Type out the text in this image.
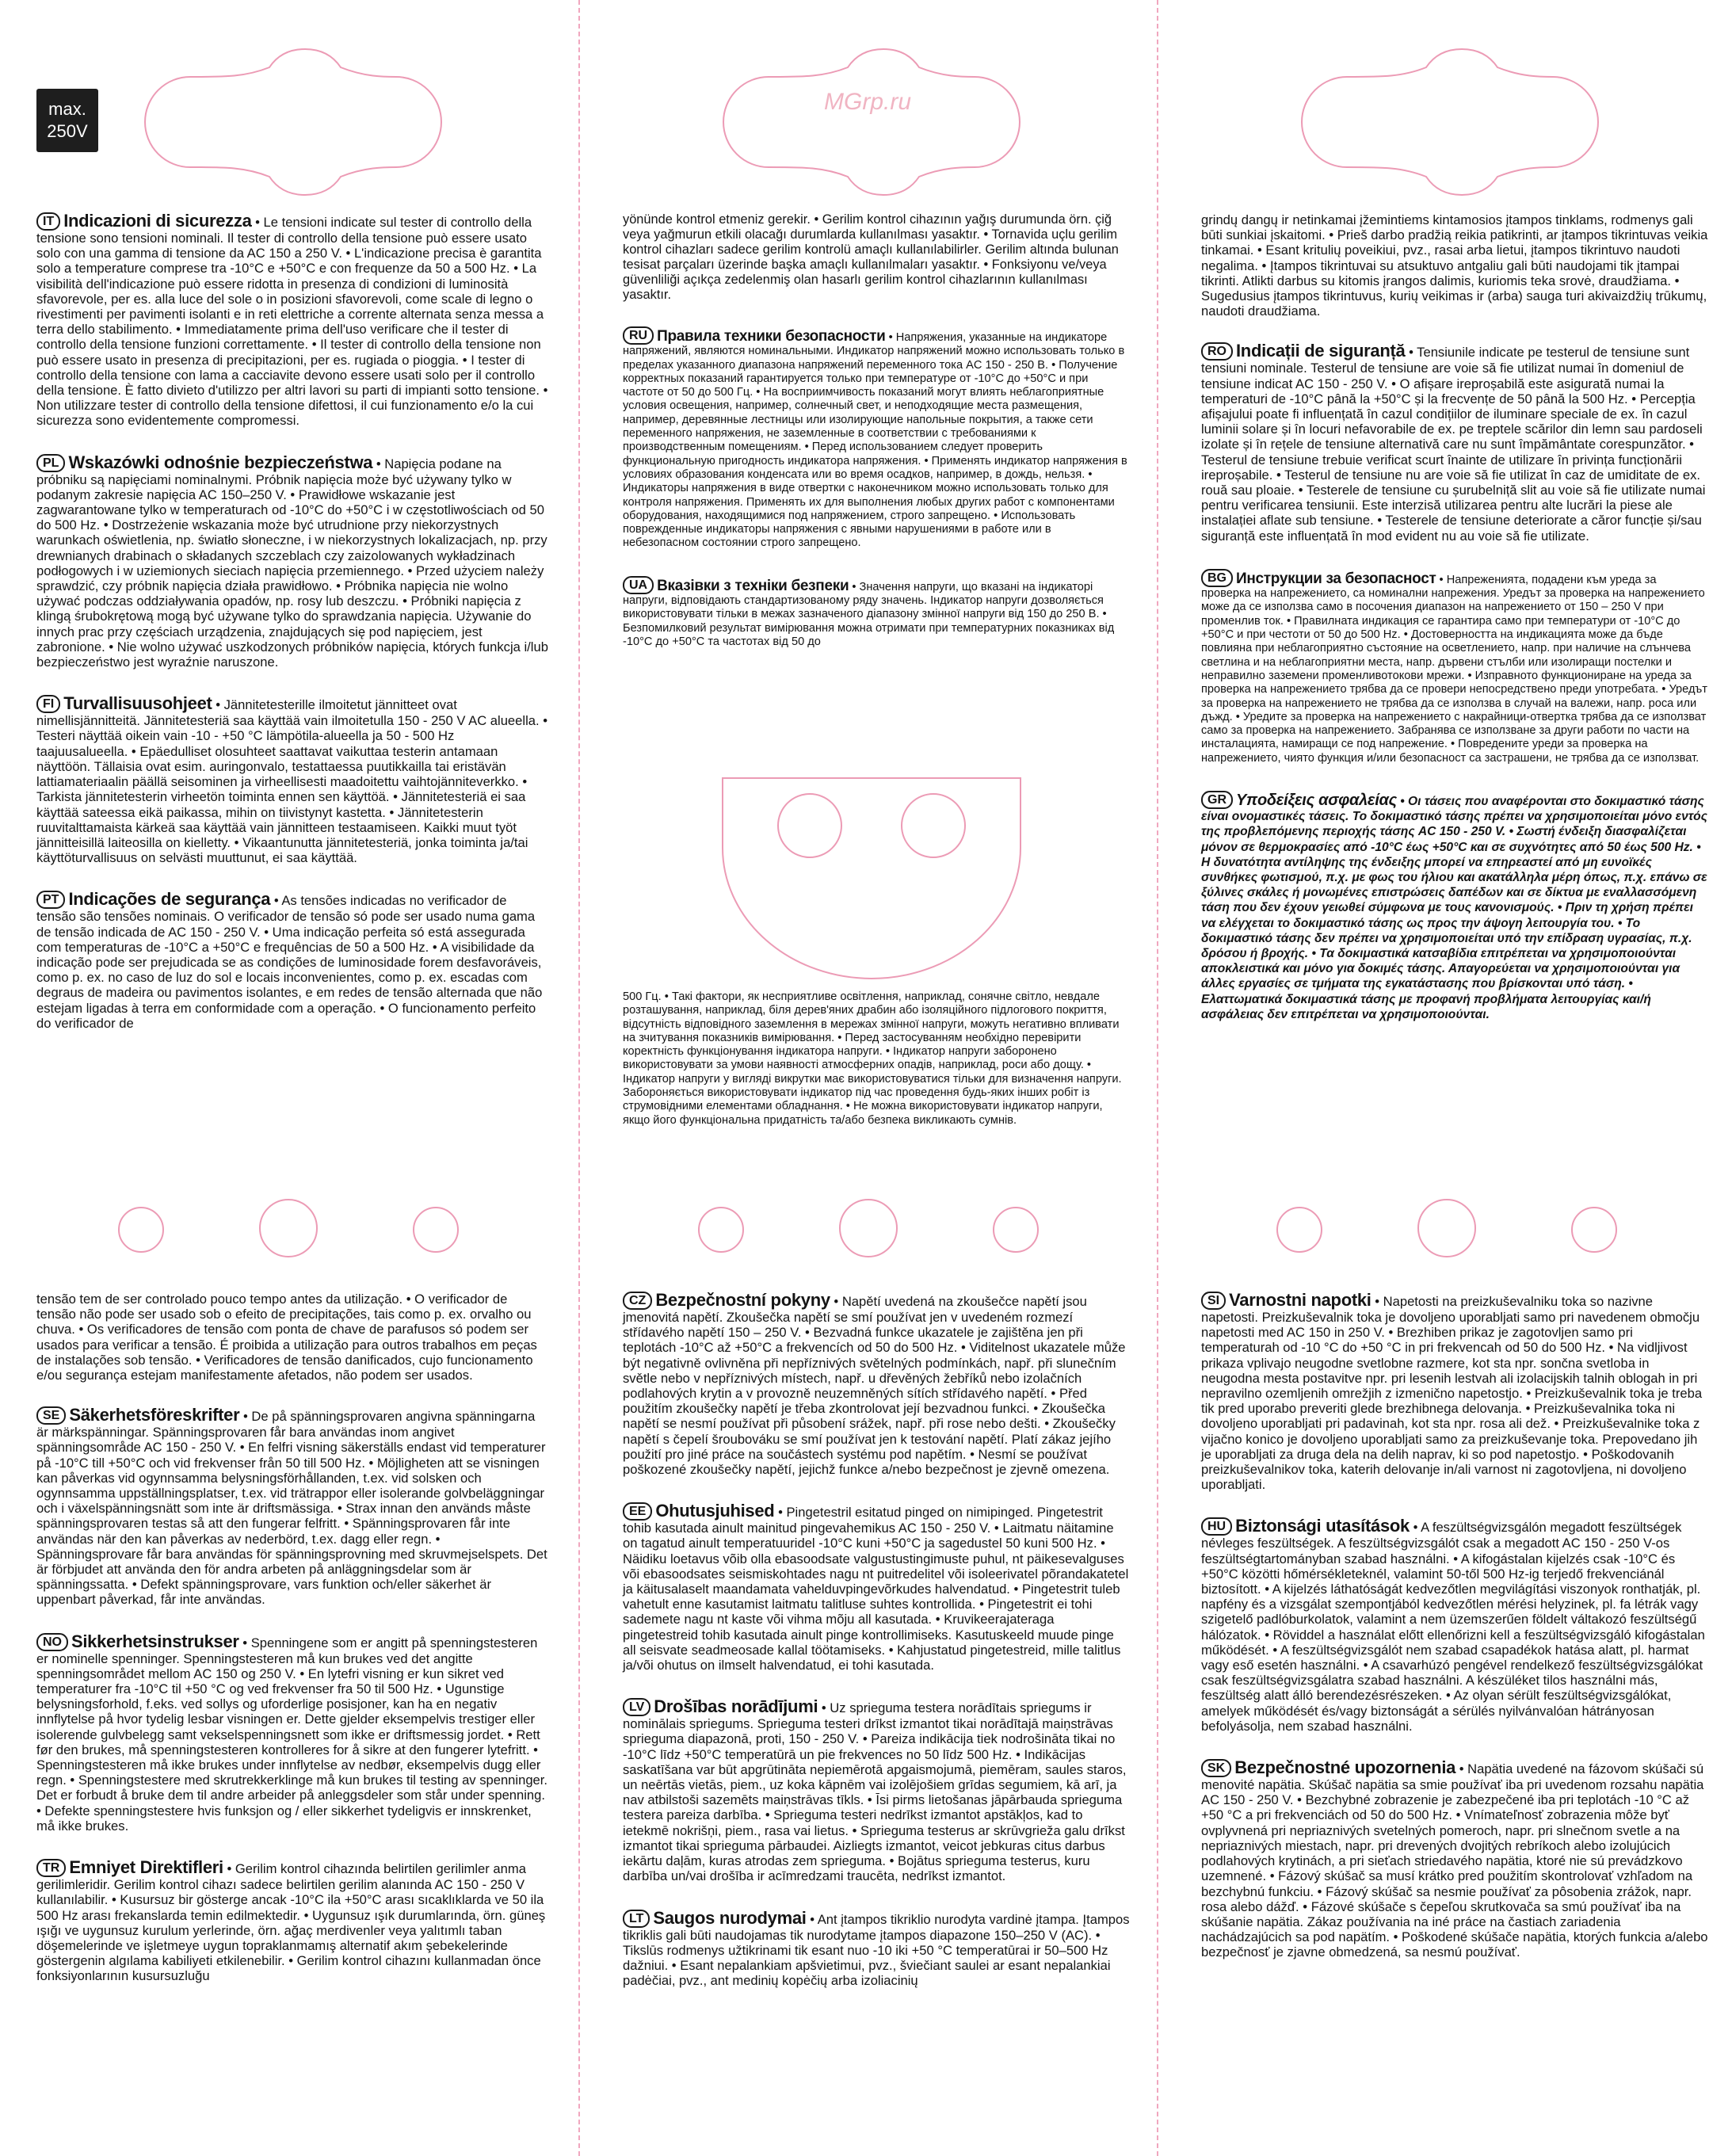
max.
250V
MGrp.ru
IT Indicazioni di sicurezza • Le tensioni indicate sul tester di controllo della tensione sono tensioni nominali. Il tester di controllo della tensione può essere usato solo con una gamma di tensione da AC 150 a 250 V. • L'indicazione precisa è garantita solo a temperature comprese tra -10°C e +50°C e con frequenze da 50 a 500 Hz. • La visibilità dell'indicazione può essere ridotta in presenza di condizioni di luminosità sfavorevole, per es. alla luce del sole o in posizioni sfavorevoli, come scale di legno o rivestimenti per pavimenti isolanti e in reti elettriche a corrente alternata senza messa a terra dello stabilimento. • Immediatamente prima dell'uso verificare che il tester di controllo della tensione funzioni correttamente. • Il tester di controllo della tensione non può essere usato in presenza di precipitazioni, per es. rugiada o pioggia. • I tester di controllo della tensione con lama a cacciavite devono essere usati solo per il controllo della tensione. È fatto divieto d'utilizzo per altri lavori su parti di impianti sotto tensione. • Non utilizzare tester di controllo della tensione difettosi, il cui funzionamento e/o la cui sicurezza sono evidentemente compromessi.
PL Wskazówki odnośnie bezpieczeństwa • Napięcia podane na próbniku są napięciami nominalnymi. Próbnik napięcia może być używany tylko w podanym zakresie napięcia AC 150–250 V. • Prawidłowe wskazanie jest zagwarantowane tylko w temperaturach od -10°C do +50°C i w częstotliwościach od 50 do 500 Hz. • Dostrzeżenie wskazania może być utrudnione przy niekorzystnych warunkach oświetlenia, np. światło słoneczne, i w niekorzystnych lokalizacjach, np. przy drewnianych drabinach o składanych szczeblach czy zaizolowanych wykładzinach podłogowych i w uziemionych sieciach napięcia przemiennego. • Przed użyciem należy sprawdzić, czy próbnik napięcia działa prawidłowo. • Próbnika napięcia nie wolno używać podczas oddziaływania opadów, np. rosy lub deszczu. • Próbniki napięcia z klingą śrubokrętową mogą być używane tylko do sprawdzania napięcia. Używanie do innych prac przy częściach urządzenia, znajdujących się pod napięciem, jest zabronione. • Nie wolno używać uszkodzonych próbników napięcia, których funkcja i/lub bezpieczeństwo jest wyraźnie naruszone.
FI Turvallisuusohjeet • Jännitetesterille ilmoitetut jännitteet ovat nimellisjännitteitä. Jännitetesteriä saa käyttää vain ilmoitetulla 150 - 250 V AC alueella. • Testeri näyttää oikein vain -10 - +50 °C lämpötila-alueella ja 50 - 500 Hz taajuusalueella. • Epäedulliset olosuhteet saattavat vaikuttaa testerin antamaan näyttöön. Tällaisia ovat esim. auringonvalo, testattaessa puutikkailla tai eristävän lattiamateriaalin päällä seisominen ja virheellisesti maadoitettu vaihtojänniteverkko. • Tarkista jännitetesterin virheetön toiminta ennen sen käyttöä. • Jännitetesteriä ei saa käyttää sateessa eikä paikassa, mihin on tiivistynyt kastetta. • Jännitetesterin ruuvitalttamaista kärkeä saa käyttää vain jännitteen testaamiseen. Kaikki muut työt jännitteisillä laiteosilla on kielletty. • Vikaantunutta jännitetesteriä, jonka toiminta ja/tai käyttöturvallisuus on selvästi muuttunut, ei saa käyttää.
PT Indicações de segurança • As tensões indicadas no verificador de tensão são tensões nominais. O verificador de tensão só pode ser usado numa gama de tensão indicada de AC 150 - 250 V. • Uma indicação perfeita só está assegurada com temperaturas de -10°C a +50°C e frequências de 50 a 500 Hz. • A visibilidade da indicação pode ser prejudicada se as condições de luminosidade forem desfavoráveis, como p. ex. no caso de luz do sol e locais inconvenientes, como p. ex. escadas com degraus de madeira ou pavimentos isolantes, e em redes de tensão alternada que não estejam ligadas à terra em conformidade com a operação. • O funcionamento perfeito do verificador de

yönünde kontrol etmeniz gerekir. • Gerilim kontrol cihazının yağış durumunda örn. çiğ veya yağmurun etkili olacağı durumlarda kullanılması yasaktır. • Tornavida uçlu gerilim kontrol cihazları sadece gerilim kontrolü amaçlı kullanılabilirler. Gerilim altında bulunan tesisat parçaları üzerinde başka amaçlı kullanılmaları yasaktır. • Fonksiyonu ve/veya güvenliliği açıkça zedelenmiş olan hasarlı gerilim kontrol cihazlarının kullanılması yasaktır.

RU Правила техники безопасности • Напряжения, указанные на индикаторе напряжений, являются номинальными. Индикатор напряжений можно использовать только в пределах указанного диапазона напряжений переменного тока AC 150 - 250 В. • Получение корректных показаний гарантируется только при температуре от -10°С до +50°С и при частоте от 50 до 500 Гц. • На восприимчивость показаний могут влиять неблагоприятные условия освещения, например, солнечный свет, и неподходящие места размещения, например, деревянные лестницы или изолирующие напольные покрытия, а также сети переменного напряжения, не заземленные в соответствии с требованиями к производственным помещениям. • Перед использованием следует проверить функциональную пригодность индикатора напряжения. • Применять индикатор напряжения в условиях образования конденсата или во время осадков, например, в дождь, нельзя. • Индикаторы напряжения в виде отвертки с наконечником можно использовать только для контроля напряжения. Применять их для выполнения любых других работ с компонентами оборудования, находящимися под напряжением, строго запрещено. • Использовать поврежденные индикаторы напряжения с явными нарушениями в работе или в небезопасном состоянии строго запрещено.
UA Вказівки з техніки безпеки • Значення напруги, що вказані на індикаторі напруги, відповідають стандартизованому ряду значень. Індикатор напруги дозволяється використовувати тільки в межах зазначеного діапазону змінної напруги від 150 до 250 В. • Безпомилковий результат вимірювання можна отримати при температурних показниках від -10°С до +50°С та частотах від 50 до

500 Гц. • Такі фактори, як несприятливе освітлення, наприклад, сонячне світло, невдале розташування, наприклад, біля дерев'яних драбин або ізоляційного підлогового покриття, відсутність відповідного заземлення в мережах змінної напруги, можуть негативно впливати на зчитування показників вимірювання. • Перед застосуванням необхідно перевірити коректність функціонування індикатора напруги. • Індикатор напруги заборонено використовувати за умови наявності атмосферних опадів, наприклад, роси або дощу. • Індикатор напруги у вигляді викрутки має використовуватися тільки для визначення напруги. Забороняється використовувати індикатор під час проведення будь-яких інших робіт із струмовідними елементами обладнання. • Не можна використовувати індикатор напруги, якщо його функціональна придатність та/або безпека викликають сумнів.

grindų dangų ir netinkamai įžemintiems kintamosios įtampos tinklams, rodmenys gali būti sunkiai įskaitomi. • Prieš darbo pradžią reikia patikrinti, ar įtampos tikrintuvas veikia tinkamai. • Esant kritulių poveikiui, pvz., rasai arba lietui, įtampos tikrintuvo naudoti negalima. • Įtampos tikrintuvai su atsuktuvo antgaliu gali būti naudojami tik įtampai tikrinti. Atlikti darbus su kitomis įrangos dalimis, kuriomis teka srovė, draudžiama. • Sugedusius įtampos tikrintuvus, kurių veikimas ir (arba) sauga turi akivaizdžių trūkumų, naudoti draudžiama.

RO Indicații de siguranță • Tensiunile indicate pe testerul de tensiune sunt tensiuni nominale. Testerul de tensiune are voie să fie utilizat numai în domeniul de tensiune indicat AC 150 - 250 V. • O afișare ireproșabilă este asigurată numai la temperaturi de -10°C până la +50°C și la frecvențe de 50 până la 500 Hz. • Percepția afișajului poate fi influențată în cazul condițiilor de iluminare speciale de ex. în cazul luminii solare și în locuri nefavorabile de ex. pe treptele scărilor din lemn sau pardoseli izolate și în rețele de tensiune alternativă care nu sunt împământate corespunzător. • Testerul de tensiune trebuie verificat scurt înainte de utilizare în privința funcționării ireproșabile. • Testerul de tensiune nu are voie să fie utilizat în caz de umiditate de ex. rouă sau ploaie. • Testerele de tensiune cu șurubelniță slit au voie să fie utilizate numai pentru verificarea tensiunii. Este interzisă utilizarea pentru alte lucrări la piese ale instalației aflate sub tensiune. • Testerele de tensiune deteriorate a căror funcție și/sau siguranță este influențată în mod evident nu au voie să fie utilizate.
BG Инструкции за безопасност • Напреженията, подадени към уреда за проверка на напрежението, са номинални напрежения. Уредът за проверка на напрежението може да се използва само в посочения диапазон на напрежението от 150 – 250 V при променлив ток. • Правилната индикация се гарантира само при температури от -10°C до +50°C и при честоти от 50 до 500 Hz. • Достоверността на индикацията може да бъде повлияна при неблагоприятно състояние на осветлението, напр. при наличие на слънчева светлина и на неблагоприятни места, напр. дървени стълби или изолиращи постелки и неправилно заземени променливотокови мрежи. • Изправното функциониране на уреда за проверка на напрежението трябва да се провери непосредствено преди употребата. • Уредът за проверка на напрежението не трябва да се използва в случай на валежи, напр. роса или дъжд. • Уредите за проверка на напрежението с накрайници-отвертка трябва да се използват само за проверка на напрежението. Забранява се използване за други работи по части на инсталацията, намиращи се под напрежение. • Повредените уреди за проверка на напрежението, чиято функция и/или безопасност са застрашени, не трябва да се използват.
GR Υποδείξεις ασφαλείας • Οι τάσεις που αναφέρονται στο δοκιμαστικό τάσης είναι ονομαστικές τάσεις. Το δοκιμαστικό τάσης πρέπει να χρησιμοποιείται μόνο εντός της προβλεπόμενης περιοχής τάσης AC 150 - 250 V. • Σωστή ένδειξη διασφαλίζεται μόνον σε θερμοκρασίες από -10°C έως +50°C και σε συχνότητες από 50 έως 500 Hz. • Η δυνατότητα αντίληψης της ένδειξης μπορεί να επηρεαστεί από μη ευνοϊκές συνθήκες φωτισμού, π.χ. με φως του ήλιου και ακατάλληλα μέρη όπως, π.χ. επάνω σε ξύλινες σκάλες ή μονωμένες επιστρώσεις δαπέδων και σε δίκτυα με εναλλασσόμενη τάση που δεν έχουν γειωθεί σύμφωνα με τους κανονισμούς. • Πριν τη χρήση πρέπει να ελέγχεται το δοκιμαστικό τάσης ως προς την άψογη λειτουργία του. • Το δοκιμαστικό τάσης δεν πρέπει να χρησιμοποιείται υπό την επίδραση υγρασίας, π.χ. δρόσου ή βροχής. • Τα δοκιμαστικά κατσαβίδια επιτρέπεται να χρησιμοποιούνται αποκλειστικά και μόνο για δοκιμές τάσης. Απαγορεύεται να χρησιμοποιούνται για άλλες εργασίες σε τμήματα της εγκατάστασης που βρίσκονται υπό τάση. • Ελαττωματικά δοκιμαστικά τάσης με προφανή προβλήματα λειτουργίας και/ή ασφάλειας δεν επιτρέπεται να χρησιμοποιούνται.

tensão tem de ser controlado pouco tempo antes da utilização. • O verificador de tensão não pode ser usado sob o efeito de precipitações, tais como p. ex. orvalho ou chuva. • Os verificadores de tensão com ponta de chave de parafusos só podem ser usados para verificar a tensão. É proibida a utilização para outros trabalhos em peças de instalações sob tensão. • Verificadores de tensão danificados, cujo funcionamento e/ou segurança estejam manifestamente afetados, não podem ser usados.

SE Säkerhetsföreskrifter • De på spänningsprovaren angivna spänningarna är märkspänningar. Spänningsprovaren får bara användas inom angivet spänningsområde AC 150 - 250 V. • En felfri visning säkerställs endast vid temperaturer på -10°C till +50°C och vid frekvenser från 50 till 500 Hz. • Möjligheten att se visningen kan påverkas vid ogynnsamma belysningsförhållanden, t.ex. vid solsken och ogynnsamma uppställningsplatser, t.ex. vid trätrappor eller isolerande golvbeläggningar och i växelspänningsnätt som inte är driftsmässiga. • Strax innan den används måste spänningsprovaren testas så att den fungerar felfritt. • Spänningsprovaren får inte användas när den kan påverkas av nederbörd, t.ex. dagg eller regn. • Spänningsprovare får bara användas för spänningsprovning med skruvmejselspets. Det är förbjudet att använda den för andra arbeten på anläggningsdelar som är spänningssatta. • Defekt spänningsprovare, vars funktion och/eller säkerhet är uppenbart påverkad, får inte användas.
NO Sikkerhetsinstrukser • Spenningene som er angitt på spenningstesteren er nominelle spenninger. Spenningstesteren må kun brukes ved det angitte spenningsområdet mellom AC 150 og 250 V. • En lytefri visning er kun sikret ved temperaturer fra -10°C til +50 °C og ved frekvenser fra 50 til 500 Hz. • Ugunstige belysningsforhold, f.eks. ved sollys og uforderlige posisjoner, kan ha en negativ innflytelse på hvor tydelig lesbar visningen er. Dette gjelder eksempelvis trestiger eller isolerende gulvbelegg samt vekselspenningsnett som ikke er driftsmessig jordet. • Rett før den brukes, må spenningstesteren kontrolleres for å sikre at den fungerer lytefritt. • Spenningstesteren må ikke brukes under innflytelse av nedbør, eksempelvis dugg eller regn. • Spenningstestere med skrutrekkerklinge må kun brukes til testing av spenninger. Det er forbudt å bruke dem til andre arbeider på anleggsdeler som står under spenning. • Defekte spenningstestere hvis funksjon og / eller sikkerhet tydeligvis er innskrenket, må ikke brukes.
TR Emniyet Direktifleri • Gerilim kontrol cihazında belirtilen gerilimler anma gerilimleridir. Gerilim kontrol cihazı sadece belirtilen gerilim alanında AC 150 - 250 V kullanılabilir. • Kusursuz bir gösterge ancak -10°C ila +50°C arası sıcaklıklarda ve 50 ila 500 Hz arası frekanslarda temin edilmektedir. • Uygunsuz ışık durumlarında, örn. güneş ışığı ve uygunsuz kurulum yerlerinde, örn. ağaç merdivenler veya yalıtımlı taban döşemelerinde ve işletmeye uygun topraklanmamış alternatif akım şebekelerinde göstergenin algılama kabiliyeti etkilenebilir. • Gerilim kontrol cihazını kullanmadan önce fonksiyonlarının kusursuzluğu
CZ Bezpečnostní pokyny • Napětí uvedená na zkoušečce napětí jsou jmenovitá napětí. Zkoušečka napětí se smí používat jen v uvedeném rozmezí střídavého napětí 150 – 250 V. • Bezvadná funkce ukazatele je zajištěna jen při teplotách -10°C až +50°C a frekvencích od 50 do 500 Hz. • Viditelnost ukazatele může být negativně ovlivněna při nepříznivých světelných podmínkách, např. při slunečním světle nebo v nepříznivých místech, např. u dřevěných žebříků nebo izolačních podlahových krytin a v provozně neuzemněných sítích střídavého napětí. • Před použitím zkoušečky napětí je třeba zkontrolovat její bezvadnou funkci. • Zkoušečka napětí se nesmí používat při působení srážek, např. při rose nebo dešti. • Zkoušečky napětí s čepelí šroubováku se smí používat jen k testování napětí. Platí zákaz jejího použití pro jiné práce na součástech systému pod napětím. • Nesmí se používat poškozené zkoušečky napětí, jejichž funkce a/nebo bezpečnost je zjevně omezena.
EE Ohutusjuhised • Pingetestril esitatud pinged on nimipinged. Pingetestrit tohib kasutada ainult mainitud pingevahemikus AC 150 - 250 V. • Laitmatu näitamine on tagatud ainult temperatuuridel -10°C kuni +50°C ja sagedustel 50 kuni 500 Hz. • Näidiku loetavus võib olla ebasoodsate valgustustingimuste puhul, nt päikesevalguses või ebasoodsates seismiskohtades nagu nt puitredelitel või isoleerivatel põrandakatetel ja käitusalaselt maandamata vahelduvpingevõrkudes halvendatud. • Pingetestrit tuleb vahetult enne kasutamist laitmatu talitluse suhtes kontrollida. • Pingetestrit ei tohi sademete nagu nt kaste või vihma mõju all kasutada. • Kruvikeerajateraga pingetestreid tohib kasutada ainult pinge kontrollimiseks. Kasutuskeeld muude pinge all seisvate seadmeosade kallal töötamiseks. • Kahjustatud pingetestreid, mille talitlus ja/või ohutus on ilmselt halvendatud, ei tohi kasutada.
LV Drošības norādījumi • Uz sprieguma testera norādītais spriegums ir nominālais spriegums. Sprieguma testeri drīkst izmantot tikai norādītajā maiņstrāvas sprieguma diapazonā, proti, 150 - 250 V. • Pareiza indikācija tiek nodrošināta tikai no -10°C līdz +50°C temperatūrā un pie frekvences no 50 līdz 500 Hz. • Indikācijas saskatīšana var būt apgrūtināta nepiemērotā apgaismojumā, piemēram, saules staros, un neērtās vietās, piem., uz koka kāpnēm vai izolējošiem grīdas segumiem, kā arī, ja nav atbilstoši sazemēts maiņstrāvas tīkls. • Īsi pirms lietošanas jāpārbauda sprieguma testera pareiza darbība. • Sprieguma testeri nedrīkst izmantot apstākļos, kad to ietekmē nokrišņi, piem., rasa vai lietus. • Sprieguma testerus ar skrūvgrieža galu drīkst izmantot tikai sprieguma pārbaudei. Aizliegts izmantot, veicot jebkuras citus darbus iekārtu daļām, kuras atrodas zem sprieguma. • Bojātus sprieguma testerus, kuru darbība un/vai drošība ir acīmredzami traucēta, nedrīkst izmantot.
LT Saugos nurodymai • Ant įtampos tikriklio nurodyta vardinė įtampa. Įtampos tikriklis gali būti naudojamas tik nurodytame įtampos diapazone 150–250 V (AC). • Tikslūs rodmenys užtikrinami tik esant nuo -10 iki +50 °C temperatūrai ir 50–500 Hz dažniui. • Esant nepalankiam apšvietimui, pvz., šviečiant saulei ar esant nepalankiai padėčiai, pvz., ant medinių kopėčių arba izoliacinių
SI Varnostni napotki • Napetosti na preizkuševalniku toka so nazivne napetosti. Preizkuševalnik toka je dovoljeno uporabljati samo pri navedenem območju napetosti med AC 150 in 250 V. • Brezhiben prikaz je zagotovljen samo pri temperaturah od -10 °C do +50 °C in pri frekvencah od 50 do 500 Hz. • Na vidljivost prikaza vplivajo neugodne svetlobne razmere, kot sta npr. sončna svetloba in neugodna mesta postavitve npr. pri lesenih lestvah ali izolacijskih talnih oblogah in pri nepravilno ozemljenih omrežjih z izmenično napetostjo. • Preizkuševalnik toka je treba tik pred uporabo preveriti glede brezhibnega delovanja. • Preizkuševalnika toka ni dovoljeno uporabljati pri padavinah, kot sta npr. rosa ali dež. • Preizkuševalnike toka z vijačno konico je dovoljeno uporabljati samo za preizkuševanje toka. Prepovedano jih je uporabljati za druga dela na delih naprav, ki so pod napetostjo. • Poškodovanih preizkuševalnikov toka, katerih delovanje in/ali varnost ni zagotovljena, ni dovoljeno uporabljati.
HU Biztonsági utasítások • A feszültségvizsgálón megadott feszültségek névleges feszültségek. A feszültségvizsgálót csak a megadott AC 150 - 250 V-os feszültségtartományban szabad használni. • A kifogástalan kijelzés csak -10°C és +50°C közötti hőmérsékleteknél, valamint 50-től 500 Hz-ig terjedő frekvenciánál biztosított. • A kijelzés láthatóságát kedvezőtlen megvilágítási viszonyok ronthatják, pl. napfény és a vizsgálat szempontjából kedvezőtlen mérési helyzinek, pl. fa létrák vagy szigetelő padlóburkolatok, valamint a nem üzemszerűen földelt váltakozó feszültségű hálózatok. • Röviddel a használat előtt ellenőrizni kell a feszültségvizsgáló kifogástalan működését. • A feszültségvizsgálót nem szabad csapadékok hatása alatt, pl. harmat vagy eső esetén használni. • A csavarhúzó pengével rendelkező feszültségvizsgálókat csak feszültségvizsgálatra szabad használni. A készüléket tilos használni más, feszültség alatt álló berendezésrészeken. • Az olyan sérült feszültségvizsgálókat, amelyek működését és/vagy biztonságát a sérülés nyilvánvalóan hátrányosan befolyásolja, nem szabad használni.
SK Bezpečnostné upozornenia • Napätia uvedené na fázovom skúšači sú menovité napätia. Skúšač napätia sa smie používať iba pri uvedenom rozsahu napätia AC 150 - 250 V. • Bezchybné zobrazenie je zabezpečené iba pri teplotách -10 °C až +50 °C a pri frekvenciách od 50 do 500 Hz. • Vnímateľnosť zobrazenia môže byť ovplyvnená pri nepriaznivých svetelných pomeroch, napr. pri slnečnom svetle a na nepriaznivých miestach, napr. pri drevených dvojitých rebríkoch alebo izolujúcich podlahových krytinách, a pri sieťach striedavého napätia, ktoré nie sú prevádzkovo uzemnené. • Fázový skúšač sa musí krátko pred použitím skontrolovať vzhľadom na bezchybnú funkciu. • Fázový skúšač sa nesmie používať za pôsobenia zrážok, napr. rosa alebo dážď. • Fázové skúšače s čepeľou skrutkovača sa smú používať iba na skúšanie napätia. Zákaz používania na iné práce na častiach zariadenia nachádzajúcich sa pod napätím. • Poškodené skúšače napätia, ktorých funkcia a/alebo bezpečnosť je zjavne obmedzená, sa nesmú používať.
